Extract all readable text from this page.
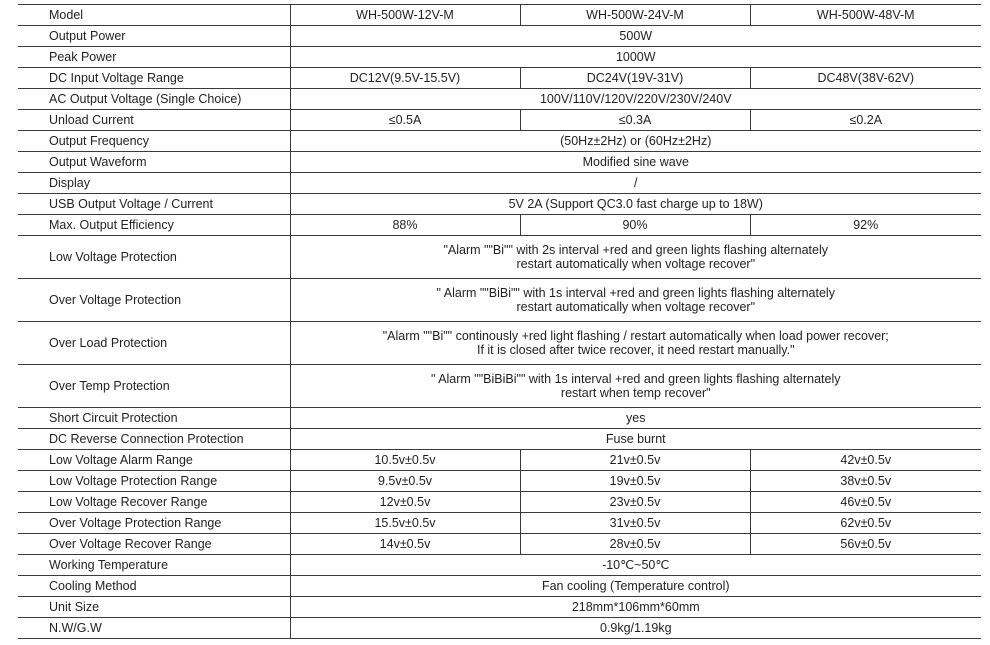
Model	WH-500W-12V-M	WH-500W-24V-M	WH-500W-48V-M
Output Power	500W		
Peak Power	1000W		
DC Input Voltage Range	DC12V(9.5V-15.5V)	DC24V(19V-31V)	DC48V(38V-62V)
AC Output Voltage (Single Choice)	100V/110V/120V/220V/230V/240V		
Unload Current	≤0.5A	≤0.3A	≤0.2A
Output Frequency	(50Hz±2Hz) or (60Hz±2Hz)		
Output Waveform	Modified sine wave		
Display	/		
USB Output Voltage / Current	5V 2A (Support QC3.0 fast charge up to 18W)		
Max. Output Efficiency	88%	90%	92%
Low Voltage Protection	"Alarm ""Bi"" with 2s interval +red and green lights flashing alternately
restart automatically when voltage recover"		

Over Voltage Protection	" Alarm ""BiBi"" with 1s interval +red and green lights flashing alternately
restart automatically when voltage recover"		

Over Load Protection	"Alarm ""Bi"" continously +red light flashing / restart automatically when load power recover;
If it is closed after twice recover, it need restart manually."		

Over Temp Protection	" Alarm ""BiBiBi"" with 1s interval +red and green lights flashing alternately
restart when temp recover"		

Short Circuit Protection	yes		
DC Reverse Connection Protection	Fuse burnt		
Low Voltage Alarm Range	10.5v±0.5v	21v±0.5v	42v±0.5v
Low Voltage Protection Range	9.5v±0.5v	19v±0.5v	38v±0.5v
Low Voltage Recover Range	12v±0.5v	23v±0.5v	46v±0.5v
Over Voltage Protection Range	15.5v±0.5v	31v±0.5v	62v±0.5v
Over Voltage Recover Range	14v±0.5v	28v±0.5v	56v±0.5v
Working Temperature	-10℃~50℃		
Cooling Method	Fan cooling (Temperature control)		
Unit Size	218mm*106mm*60mm		
N.W/G.W	0.9kg/1.19kg		
